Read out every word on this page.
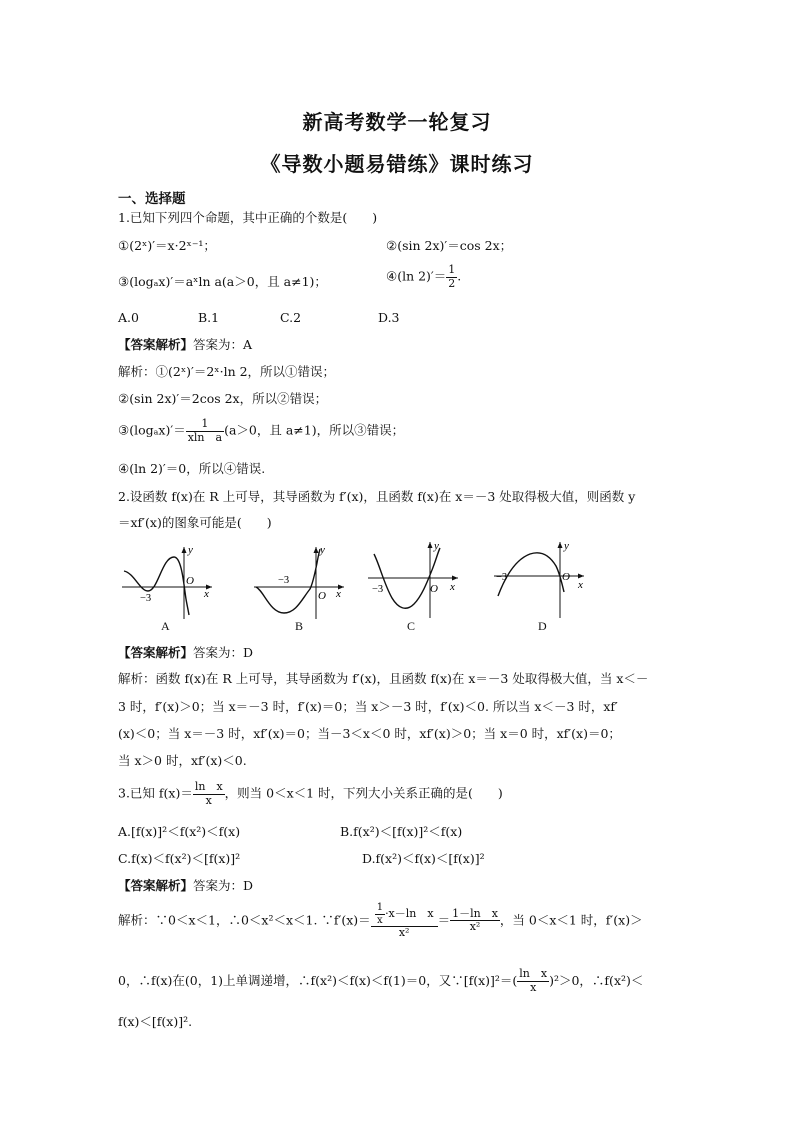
新高考数学一轮复习
《导数小题易错练》课时练习
一、选择题
1.已知下列四个命题，其中正确的个数是(　　)
①(2ˣ)′＝x·2ˣ⁻¹；	②(sin 2x)′＝cos 2x；
③(logₐx)′＝aˣln a(a＞0，且 a≠1)；	④(ln $2)'= \frac{1}{2}$ .
A.0	B.1	C.2	D.3
【答案解析】答案为：A
解析：①(2ˣ)′＝2ˣ·ln 2，所以①错误；
②(sin 2x)′＝2cos 2x，所以②错误；
③(logₐx)′＝ $\frac{1}{\text{xln　a}} (a>0$，且 a≠1)，所以③错误；
④(ln 2)′＝0，所以④错误.
2.设函数 f(x)在 R 上可导，其导函数为 f′(x)，且函数 f(x)在 x＝－3 处取得极大值，则函数 y
＝xf′(x)的图象可能是(　　)
y
x
O
−3
A
y
x
O
−3
B
y
x
O
−3
C
y
x
O
−3
D
【答案解析】答案为：D
解析：函数 f(x)在 R 上可导，其导函数为 f′(x)，且函数 f(x)在 x＝－3 处取得极大值，当 x＜－
3 时，f′(x)＞0；当 x＝－3 时，f′(x)＝0；当 x＞－3 时，f′(x)＜0. 所以当 x＜－3 时，xf′
(x)＜0；当 x＝－3 时，xf′(x)＝0；当－3＜x＜0 时，xf′(x)＞0；当 x＝0 时，xf′(x)＝0；
当 x＞0 时，xf′(x)＜0.
3.已知 $f(x)= \frac{\text{ln　x}}{x}$ ，则当 0＜x＜1 时，下列大小关系正确的是(　　)
A.[f(x)]²＜f(x²)＜f(x)	B.f(x²)＜[f(x)]²＜f(x)
C.f(x)＜f(x²)＜[f(x)]²	D.f(x²)＜f(x)＜[f(x)]²
【答案解析】答案为：D
解析：∵0＜x＜1，∴0＜x²＜x＜1. ∵f′(x)＝ $\frac{\frac{1}{x} \cdot x-\ln x}{\text{x²}} = \frac{\text{1－ln　x}}{\text{x²}}$ ，当 0＜x＜1 时，f′(x)＞
0，∴f(x)在(0，1)上单调递增，∴f(x²)＜f(x)＜f(1)＝0，又∵[f(x)]²＝( $\frac{\text{ln　x}}{x} )^2>0$，∴f(x²)＜
f(x)＜[f(x)]².
